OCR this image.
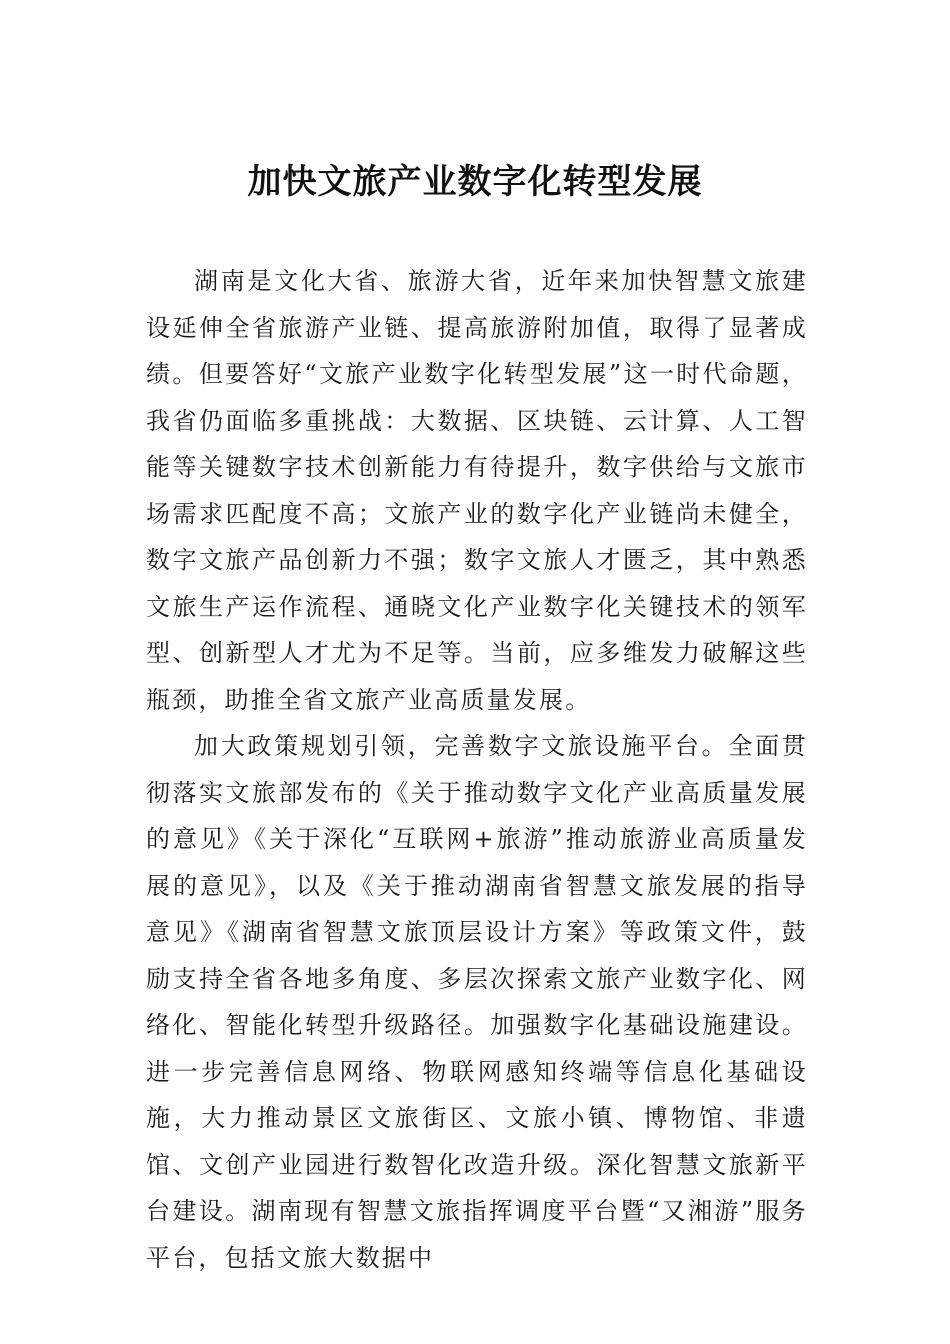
加快文旅产业数字化转型发展

湖南是文化大省、旅游大省，近年来加快智慧文旅建设延伸全省旅游产业链、提高旅游附加值，取得了显著成绩。但要答好“文旅产业数字化转型发展”这一时代命题，我省仍面临多重挑战：大数据、区块链、云计算、人工智能等关键数字技术创新能力有待提升，数字供给与文旅市场需求匹配度不高；文旅产业的数字化产业链尚未健全，数字文旅产品创新力不强；数字文旅人才匮乏，其中熟悉文旅生产运作流程、通晓文化产业数字化关键技术的领军型、创新型人才尤为不足等。当前，应多维发力破解这些瓶颈，助推全省文旅产业高质量发展。

加大政策规划引领，完善数字文旅设施平台。全面贯彻落实文旅部发布的《关于推动数字文化产业高质量发展的意见》《关于深化“互联网+旅游”推动旅游业高质量发展的意见》，以及《关于推动湖南省智慧文旅发展的指导意见》《湖南省智慧文旅顶层设计方案》等政策文件，鼓励支持全省各地多角度、多层次探索文旅产业数字化、网络化、智能化转型升级路径。加强数字化基础设施建设。进一步完善信息网络、物联网感知终端等信息化基础设施，大力推动景区文旅街区、文旅小镇、博物馆、非遗馆、文创产业园进行数智化改造升级。深化智慧文旅新平台建设。湖南现有智慧文旅指挥调度平台暨“又湘游”服务平台，包括文旅大数据中
